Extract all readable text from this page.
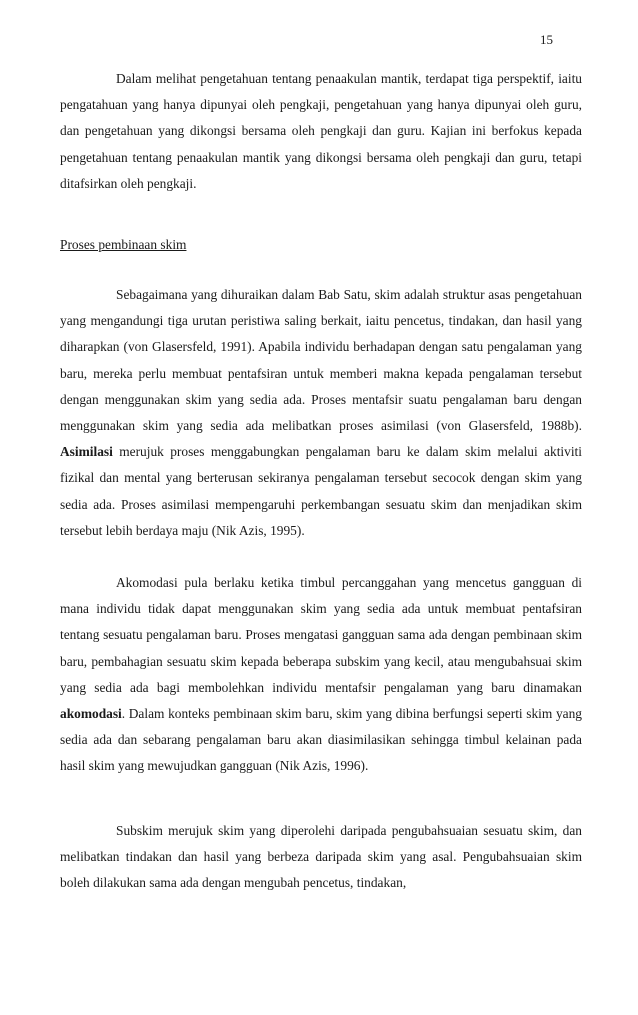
15

Dalam melihat pengetahuan tentang penaakulan mantik, terdapat tiga perspektif, iaitu pengatahuan yang hanya dipunyai oleh pengkaji, pengetahuan yang hanya dipunyai oleh guru, dan pengetahuan yang dikongsi bersama oleh pengkaji dan guru. Kajian ini berfokus kepada pengetahuan tentang penaakulan mantik yang dikongsi bersama oleh pengkaji dan guru, tetapi ditafsirkan oleh pengkaji.

Proses pembinaan skim

Sebagaimana yang dihuraikan dalam Bab Satu, skim adalah struktur asas pengetahuan yang mengandungi tiga urutan peristiwa saling berkait, iaitu pencetus, tindakan, dan hasil yang diharapkan (von Glasersfeld, 1991). Apabila individu berhadapan dengan satu pengalaman yang baru, mereka perlu membuat pentafsiran untuk memberi makna kepada pengalaman tersebut dengan menggunakan skim yang sedia ada. Proses mentafsir suatu pengalaman baru dengan menggunakan skim yang sedia ada melibatkan proses asimilasi (von Glasersfeld, 1988b). Asimilasi merujuk proses menggabungkan pengalaman baru ke dalam skim melalui aktiviti fizikal dan mental yang berterusan sekiranya pengalaman tersebut secocok dengan skim yang sedia ada. Proses asimilasi mempengaruhi perkembangan sesuatu skim dan menjadikan skim tersebut lebih berdaya maju (Nik Azis, 1995).

Akomodasi pula berlaku ketika timbul percanggahan yang mencetus gangguan di mana individu tidak dapat menggunakan skim yang sedia ada untuk membuat pentafsiran tentang sesuatu pengalaman baru. Proses mengatasi gangguan sama ada dengan pembinaan skim baru, pembahagian sesuatu skim kepada beberapa subskim yang kecil, atau mengubahsuai skim yang sedia ada bagi membolehkan individu mentafsir pengalaman yang baru dinamakan akomodasi. Dalam konteks pembinaan skim baru, skim yang dibina berfungsi seperti skim yang sedia ada dan sebarang pengalaman baru akan diasimilasikan sehingga timbul kelainan pada hasil skim yang mewujudkan gangguan (Nik Azis, 1996).

Subskim merujuk skim yang diperolehi daripada pengubahsuaian sesuatu skim, dan melibatkan tindakan dan hasil yang berbeza daripada skim yang asal. Pengubahsuaian skim boleh dilakukan sama ada dengan mengubah pencetus, tindakan,
